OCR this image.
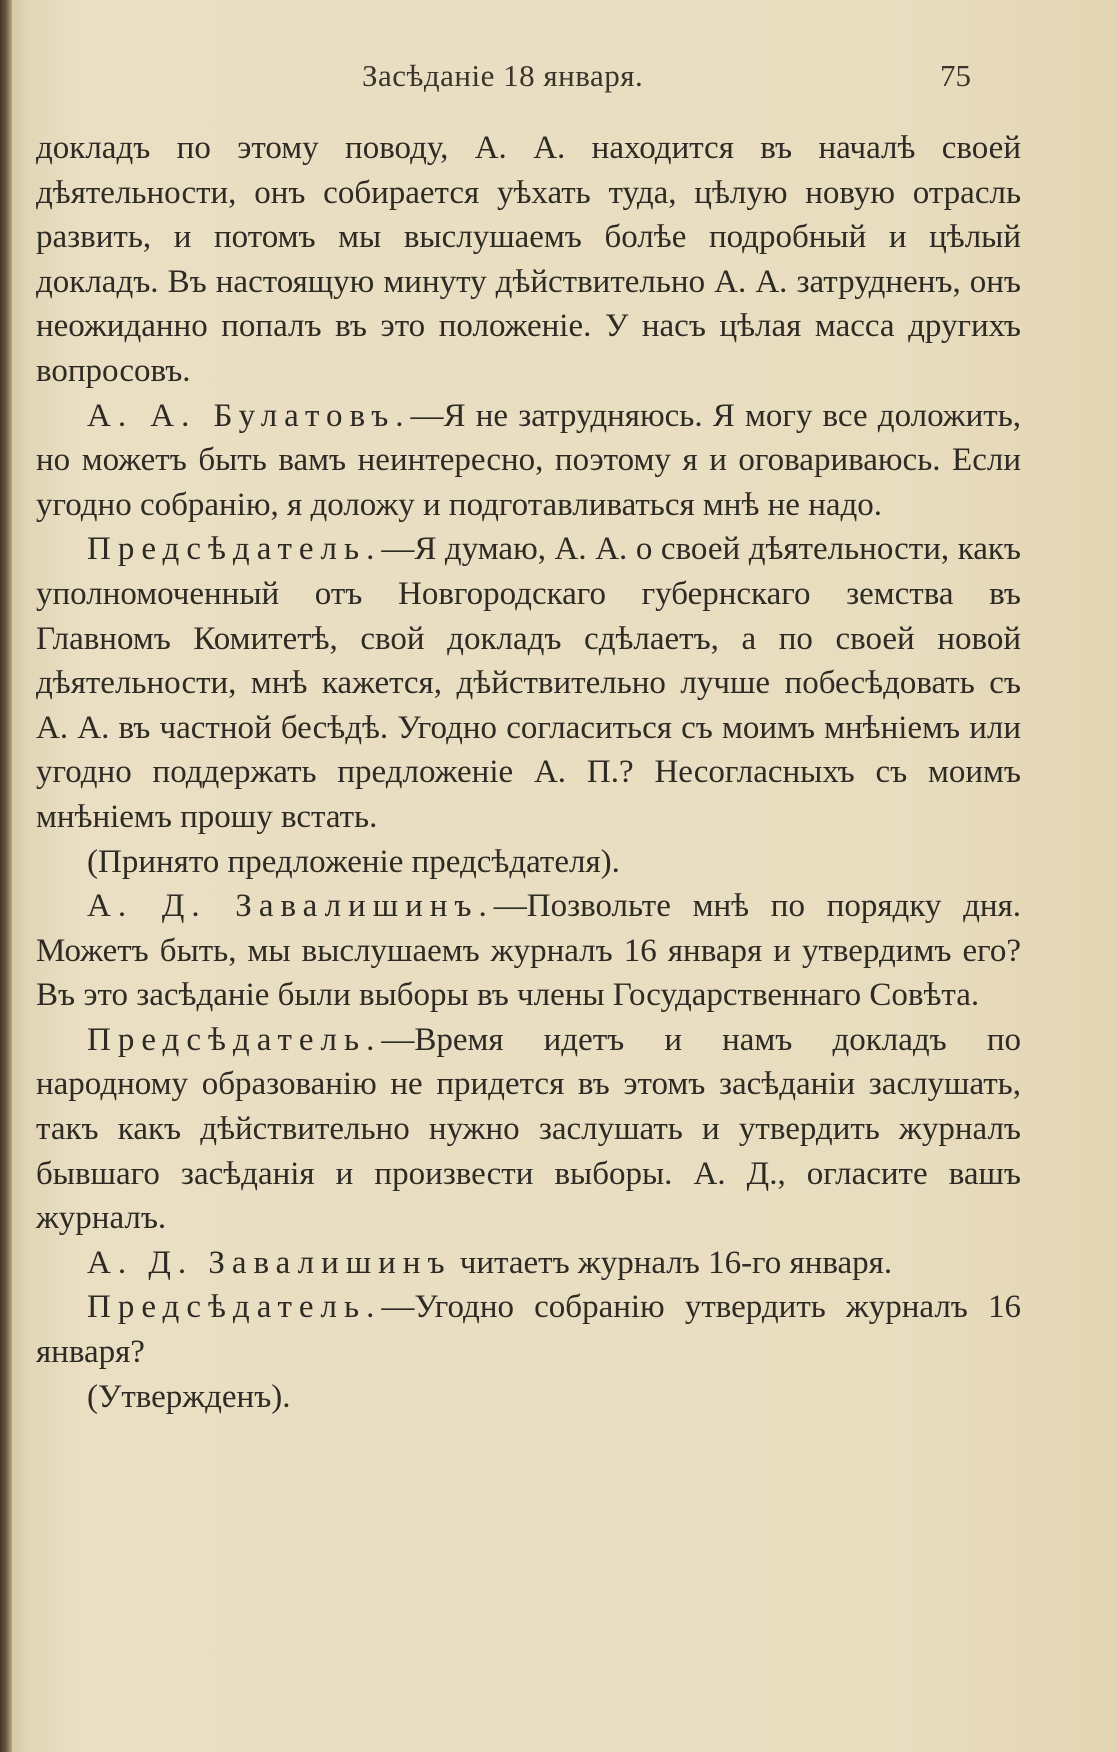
Засѣданіе 18 января.	75

докладъ по этому поводу, А. А. находится въ началѣ своей дѣятельности, онъ собирается уѣхать туда, цѣлую новую отрасль развить, и потомъ мы выслушаемъ болѣе подробный и цѣлый докладъ. Въ настоящую минуту дѣйствительно А. А. затрудненъ, онъ неожиданно попалъ въ это положеніе. У насъ цѣлая масса другихъ вопросовъ.

А. А. Булатовъ.—Я не затрудняюсь. Я могу все доложить, но можетъ быть вамъ неинтересно, поэтому я и оговариваюсь. Если угодно собранію, я доложу и подготавливаться мнѣ не надо.

Предсѣдатель.—Я думаю, А. А. о своей дѣятельности, какъ уполномоченный отъ Новгородскаго губернскаго земства въ Главномъ Комитетѣ, свой докладъ сдѣлаетъ, а по своей новой дѣятельности, мнѣ кажется, дѣйствительно лучше побесѣдовать съ А. А. въ частной бесѣдѣ. Угодно согласиться съ моимъ мнѣніемъ или угодно поддержать предложеніе А. П.? Несогласныхъ съ моимъ мнѣніемъ прошу встать.

(Принято предложеніе предсѣдателя).

А. Д. Завалишинъ.—Позвольте мнѣ по порядку дня. Можетъ быть, мы выслушаемъ журналъ 16 января и утвердимъ его? Въ это засѣданіе были выборы въ члены Государственнаго Совѣта.

Предсѣдатель.—Время идетъ и намъ докладъ по народному образованію не придется въ этомъ засѣданіи заслушать, такъ какъ дѣйствительно нужно заслушать и утвердить журналъ бывшаго засѣданія и произвести выборы. А. Д., огласите вашъ журналъ.

А. Д. Завалишинъ читаетъ журналъ 16-го января.

Предсѣдатель.—Угодно собранію утвердить журналъ 16 января?

(Утвержденъ).
